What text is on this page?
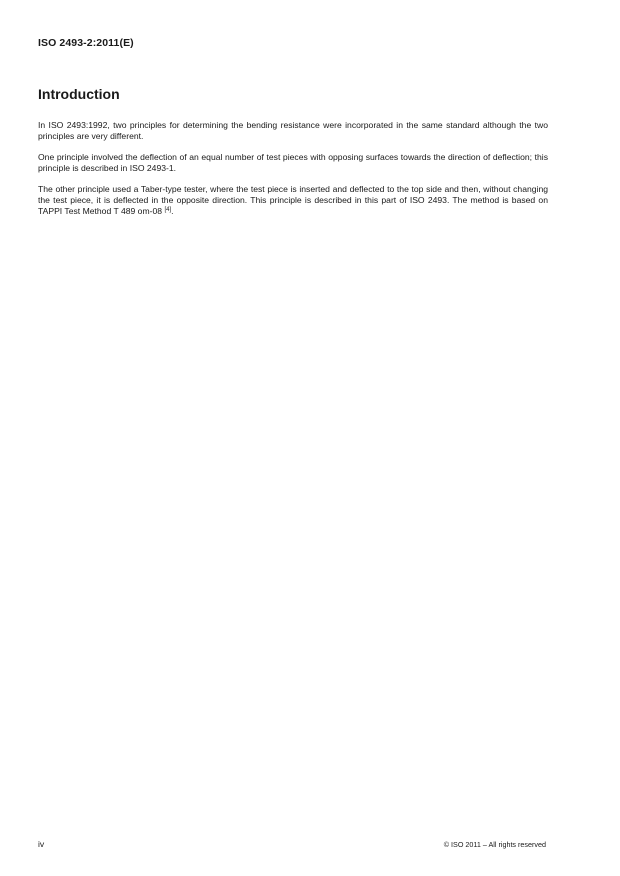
ISO 2493-2:2011(E)
Introduction

In ISO 2493:1992, two principles for determining the bending resistance were incorporated in the same standard although the two principles are very different.

One principle involved the deflection of an equal number of test pieces with opposing surfaces towards the direction of deflection; this principle is described in ISO 2493-1.

The other principle used a Taber-type tester, where the test piece is inserted and deflected to the top side and then, without changing the test piece, it is deflected in the opposite direction. This principle is described in this part of ISO 2493. The method is based on TAPPI Test Method T 489 om-08 [4].

iv	© ISO 2011 – All rights reserved
